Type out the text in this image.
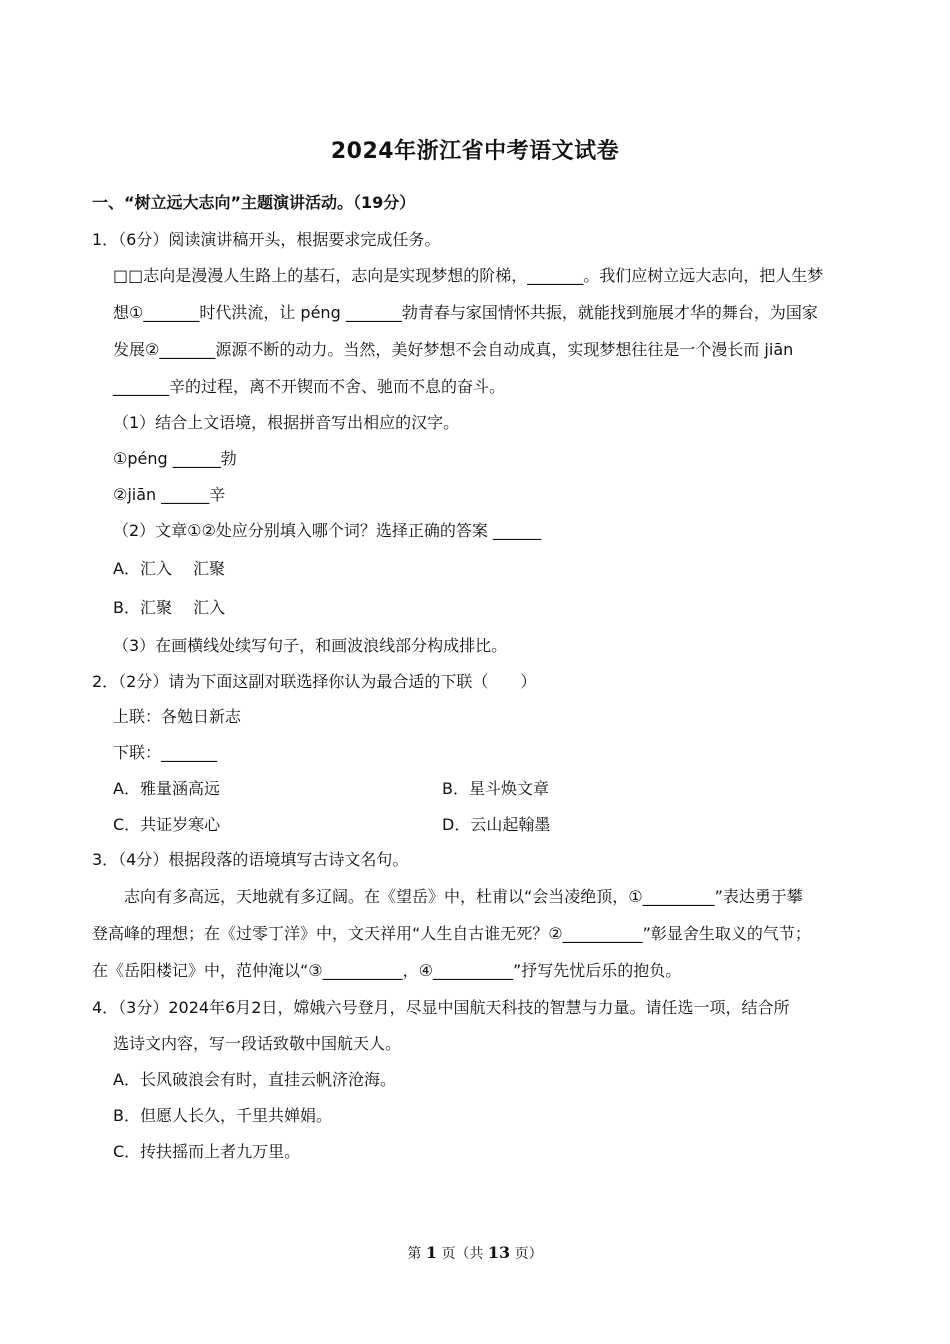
2024年浙江省中考语文试卷
一、“树立远大志向”主题演讲活动。（19分）
1．（6分）阅读演讲稿开头，根据要求完成任务。
□□志向是漫漫人生路上的基石，志向是实现梦想的阶梯，_______。我们应树立远大志向，把人生梦
想①_______时代洪流，让 péng _______勃青春与家国情怀共振，就能找到施展才华的舞台，为国家
发展②_______源源不断的动力。当然，美好梦想不会自动成真，实现梦想往往是一个漫长而 jiān
_______辛的过程，离不开锲而不舍、驰而不息的奋斗。
（1）结合上文语境，根据拼音写出相应的汉字。
①péng ______勃
②jiān ______辛
（2）文章①②处应分别填入哪个词？选择正确的答案 ______
A．汇入　 汇聚
B．汇聚　 汇入
（3）在画横线处续写句子，和画波浪线部分构成排比。
2．（2分）请为下面这副对联选择你认为最合适的下联（　　）
上联：各勉日新志
下联：_______
A．雅量涵高远	B．星斗焕文章
C．共证岁寒心	D．云山起翰墨
3．（4分）根据段落的语境填写古诗文名句。
志向有多高远，天地就有多辽阔。在《望岳》中，杜甫以“会当凌绝顶，①_________”表达勇于攀
登高峰的理想；在《过零丁洋》中，文天祥用“人生自古谁无死？②__________”彰显舍生取义的气节；
在《岳阳楼记》中，范仲淹以“③__________，④__________”抒写先忧后乐的抱负。
4．（3分）2024年6月2日，嫦娥六号登月，尽显中国航天科技的智慧与力量。请任选一项，结合所
选诗文内容，写一段话致敬中国航天人。
A．长风破浪会有时，直挂云帆济沧海。
B．但愿人长久，千里共婵娟。
C．抟扶摇而上者九万里。
第 1 页（共 13 页）
